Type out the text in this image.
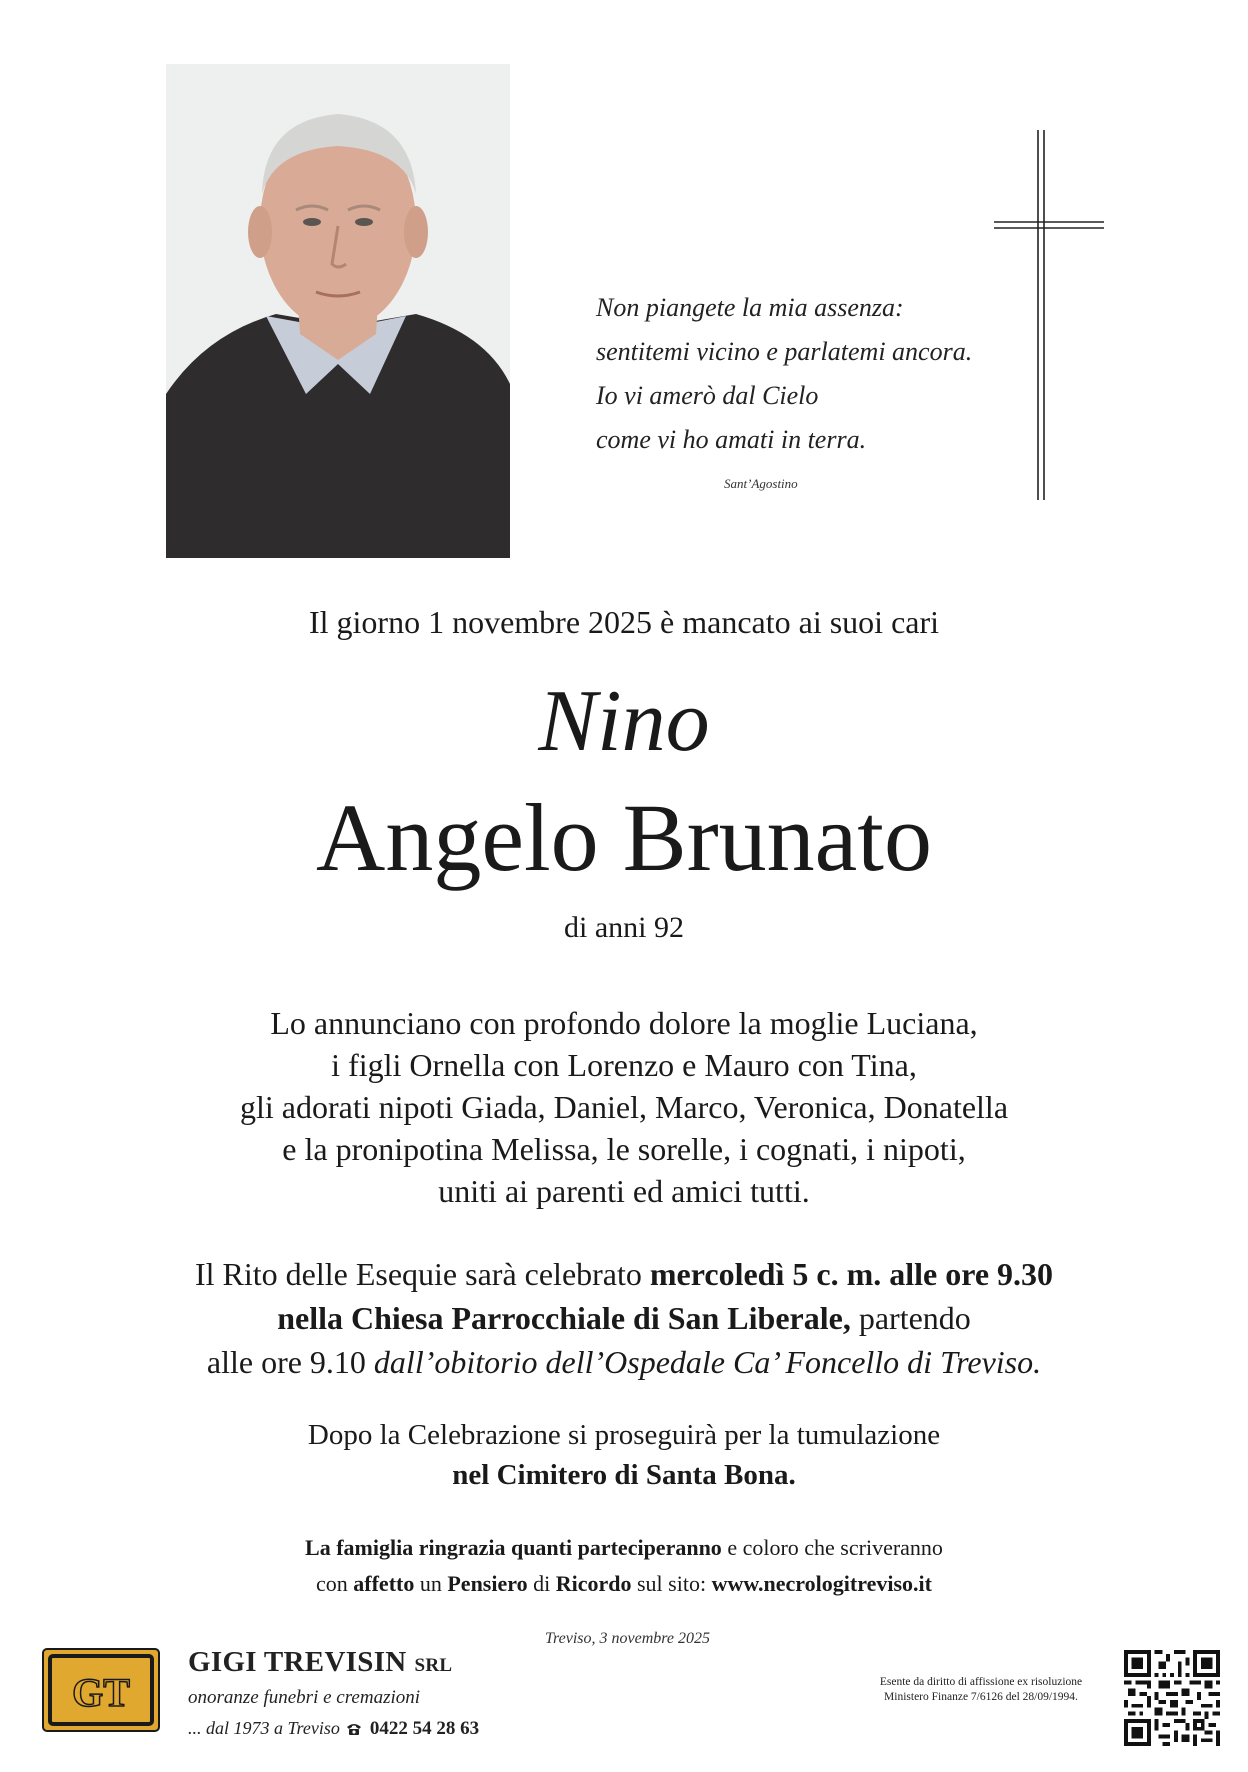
Non piangete la mia assenza:
sentitemi vicino e parlatemi ancora.
Io vi amerò dal Cielo
come vi ho amati in terra.
Sant’Agostino
Il giorno 1 novembre 2025 è mancato ai suoi cari
Nino
Angelo Brunato
di anni 92
Lo annunciano con profondo dolore la moglie Luciana,
i figli Ornella con Lorenzo e Mauro con Tina,
gli adorati nipoti Giada, Daniel, Marco, Veronica, Donatella
e la pronipotina Melissa, le sorelle, i cognati, i nipoti,
uniti ai parenti ed amici tutti.
Il Rito delle Esequie sarà celebrato mercoledì 5 c. m. alle ore 9.30
nella Chiesa Parrocchiale di San Liberale, partendo
alle ore 9.10 dall’obitorio dell’Ospedale Ca’ Foncello di Treviso.
Dopo la Celebrazione si proseguirà per la tumulazione
nel Cimitero di Santa Bona.
La famiglia ringrazia quanti parteciperanno e coloro che scriveranno
con affetto un Pensiero di Ricordo sul sito: www.necrologitreviso.it
Treviso, 3 novembre 2025
GT
GIGI TREVISIN SRL
onoranze funebri e cremazioni
... dal 1973 a Treviso 0422 54 28 63
Esente da diritto di affissione ex risoluzione
Ministero Finanze 7/6126 del 28/09/1994.
